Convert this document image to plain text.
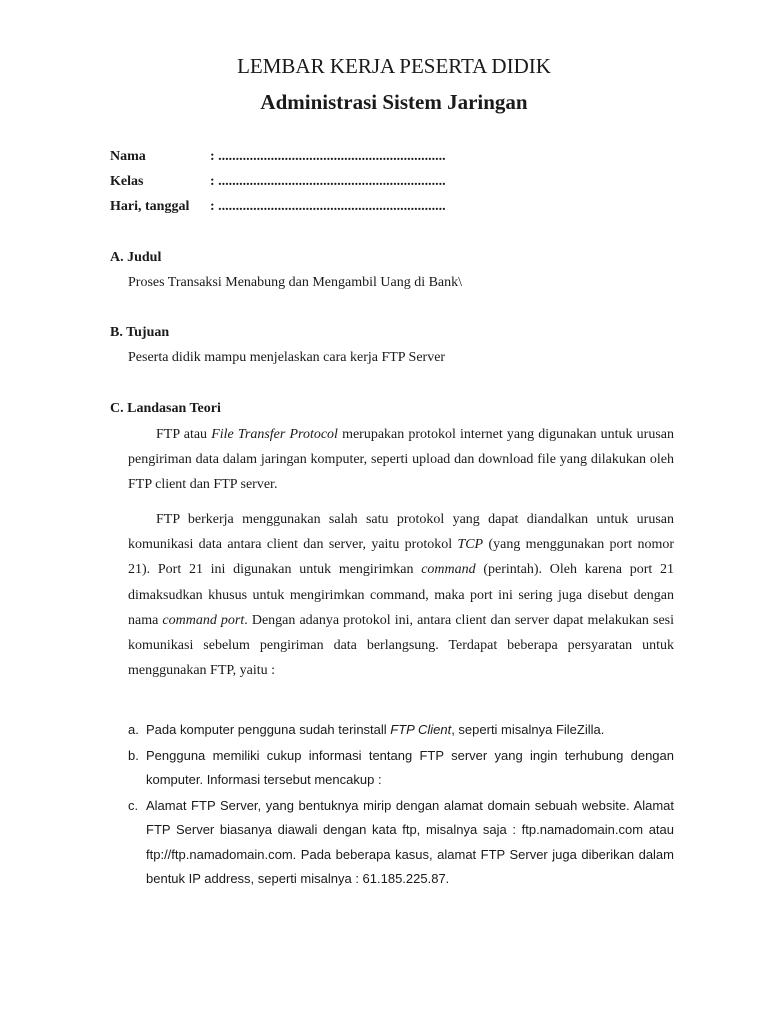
LEMBAR KERJA PESERTA DIDIK
Administrasi Sistem Jaringan
Nama	: .................................................................
Kelas	: .................................................................
Hari, tanggal	: .................................................................
A. Judul

Proses Transaksi Menabung dan Mengambil Uang di Bank\

B. Tujuan

Peserta didik mampu menjelaskan cara kerja FTP Server

C. Landasan Teori

FTP atau File Transfer Protocol merupakan protokol internet yang digunakan untuk urusan pengiriman data dalam jaringan komputer, seperti upload dan download file yang dilakukan oleh FTP client dan FTP server.

FTP berkerja menggunakan salah satu protokol yang dapat diandalkan untuk urusan komunikasi data antara client dan server, yaitu protokol TCP (yang menggunakan port nomor 21). Port 21 ini digunakan untuk mengirimkan command (perintah). Oleh karena port 21 dimaksudkan khusus untuk mengirimkan command, maka port ini sering juga disebut dengan nama command port. Dengan adanya protokol ini, antara client dan server dapat melakukan sesi komunikasi sebelum pengiriman data berlangsung. Terdapat beberapa persyaratan untuk menggunakan FTP, yaitu :

a. Pada komputer pengguna sudah terinstall FTP Client, seperti misalnya FileZilla.
b. Pengguna memiliki cukup informasi tentang FTP server yang ingin terhubung dengan komputer. Informasi tersebut mencakup :
c. Alamat FTP Server, yang bentuknya mirip dengan alamat domain sebuah website. Alamat FTP Server biasanya diawali dengan kata ftp, misalnya saja : ftp.namadomain.com atau ftp://ftp.namadomain.com. Pada beberapa kasus, alamat FTP Server juga diberikan dalam bentuk IP address, seperti misalnya : 61.185.225.87.
